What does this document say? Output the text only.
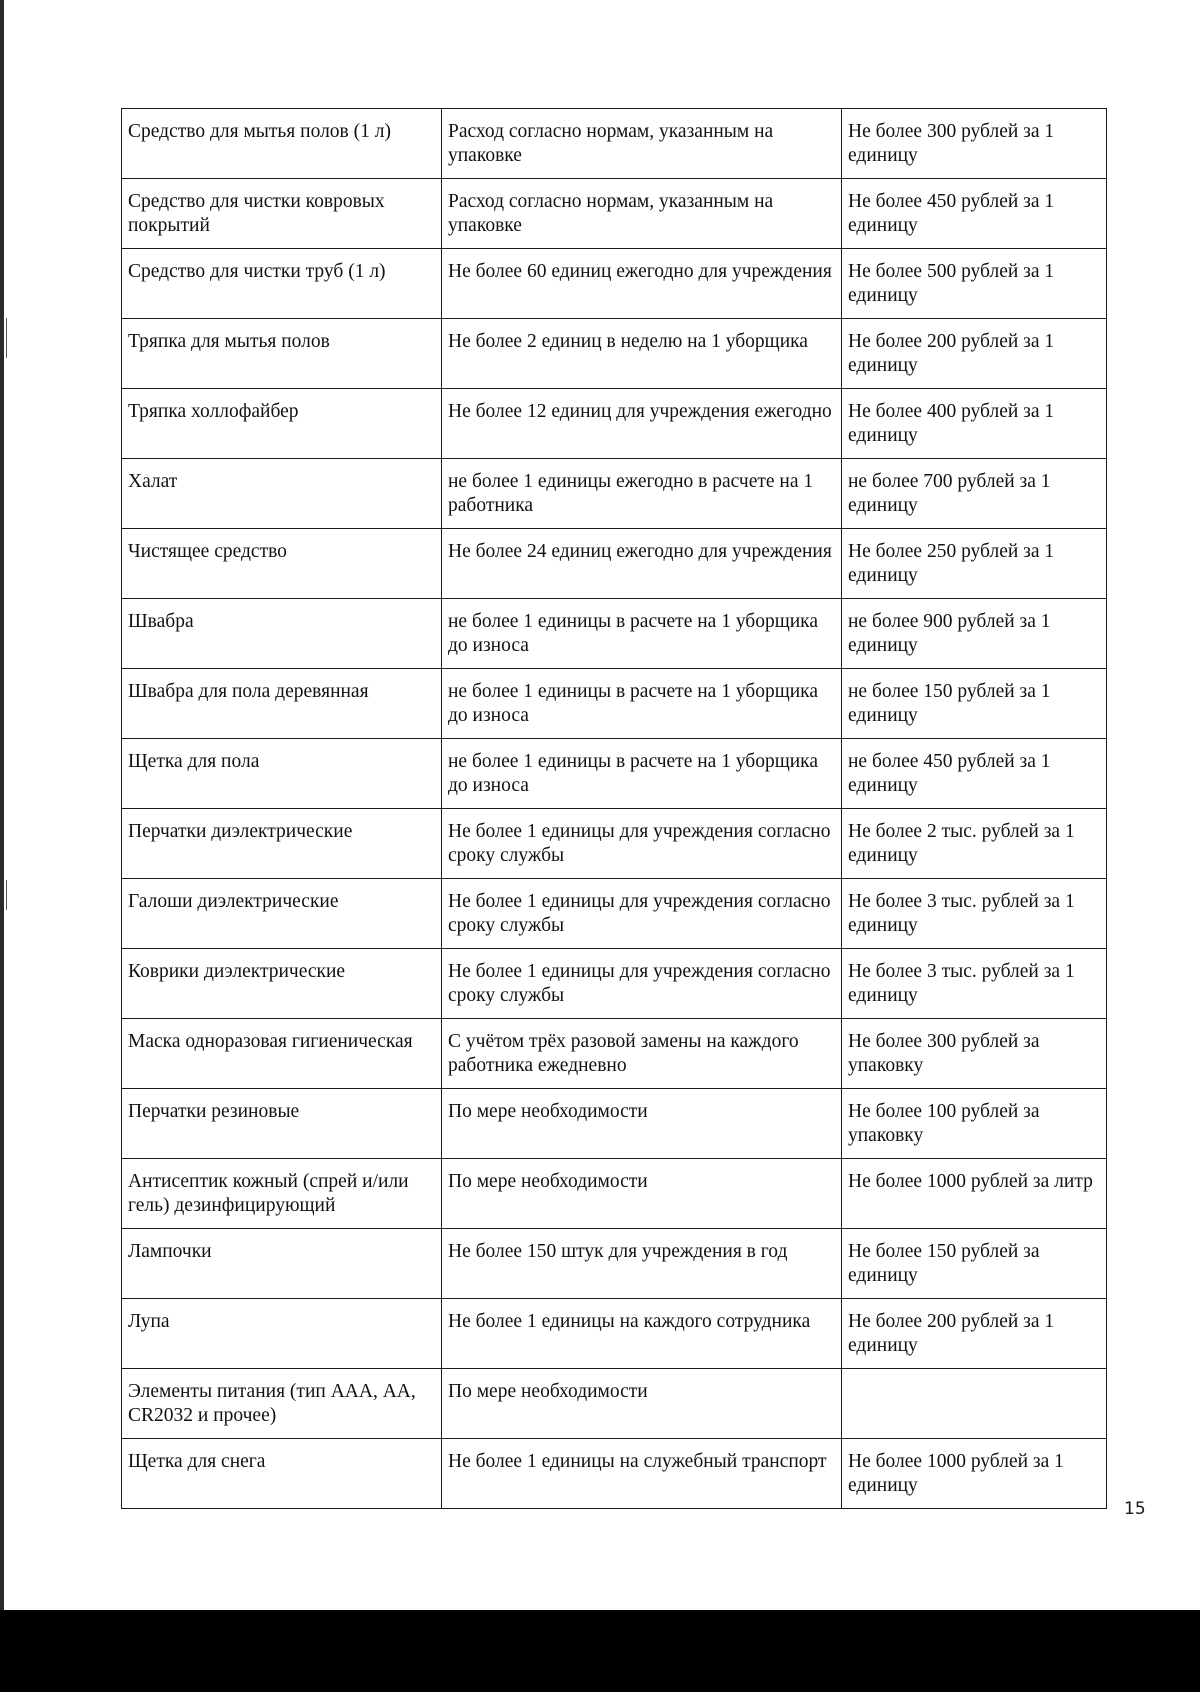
Средство для мытья полов (1 л)	Расход согласно нормам, указанным на упаковке	Не более 300 рублей за 1 единицу
Средство для чистки ковровых покрытий	Расход согласно нормам, указанным на упаковке	Не более 450 рублей за 1 единицу
Средство для чистки труб (1 л)	Не более 60 единиц ежегодно для учреждения	Не более 500 рублей за 1 единицу
Тряпка для мытья полов	Не более 2 единиц в неделю на 1 уборщика	Не более 200 рублей за 1 единицу
Тряпка холлофайбер	Не более 12 единиц для учреждения ежегодно	Не более 400 рублей за 1 единицу
Халат	не более 1 единицы ежегодно в расчете на 1 работника	не более 700 рублей за 1 единицу
Чистящее средство	Не более 24 единиц ежегодно для учреждения	Не более 250 рублей за 1 единицу
Швабра	не более 1 единицы в расчете на 1 уборщика до износа	не более 900 рублей за 1 единицу
Швабра для пола деревянная	не более 1 единицы в расчете на 1 уборщика до износа	не более 150 рублей за 1 единицу
Щетка для пола	не более 1 единицы в расчете на 1 уборщика до износа	не более 450 рублей за 1 единицу
Перчатки диэлектрические	Не более 1 единицы для учреждения согласно сроку службы	Не более 2 тыс. рублей за 1 единицу
Галоши диэлектрические	Не более 1 единицы для учреждения согласно сроку службы	Не более 3 тыс. рублей за 1 единицу
Коврики диэлектрические	Не более 1 единицы для учреждения согласно сроку службы	Не более 3 тыс. рублей за 1 единицу
Маска одноразовая гигиеническая	С учётом трёх разовой замены на каждого работника ежедневно	Не более 300 рублей за упаковку
Перчатки резиновые	По мере необходимости	Не более 100 рублей за упаковку
Антисептик кожный (спрей и/или гель) дезинфицирующий	По мере необходимости	Не более 1000 рублей за литр
Лампочки	Не более 150 штук для учреждения в год	Не более 150 рублей за единицу
Лупа	Не более 1 единицы на каждого сотрудника	Не более 200 рублей за 1 единицу
Элементы питания (тип ААА, АА, CR2032 и прочее)	По мере необходимости	
Щетка для снега	Не более 1 единицы на служебный транспорт	Не более 1000 рублей за 1 единицу
15
